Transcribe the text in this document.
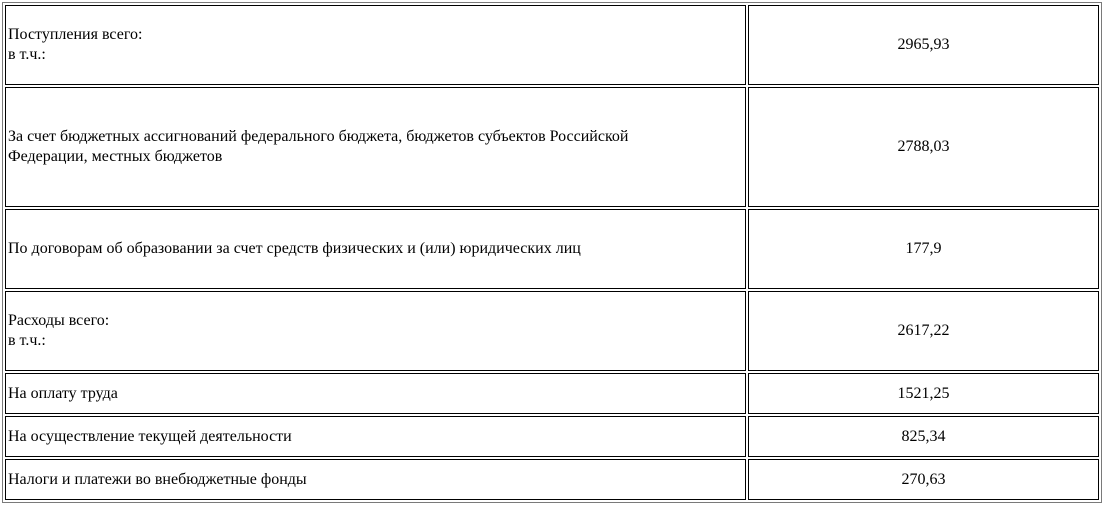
Поступления всего:
в т.ч.:	2965,93

За счет бюджетных ассигнований федерального бюджета, бюджетов субъектов Российской
Федерации, местных бюджетов	2788,03

По договорам об образовании за счет средств физических и (или) юридических лиц	177,9

Расходы всего:
в т.ч.:	2617,22

На оплату труда	1521,25

На осуществление текущей деятельности	825,34

Налоги и платежи во внебюджетные фонды	270,63
